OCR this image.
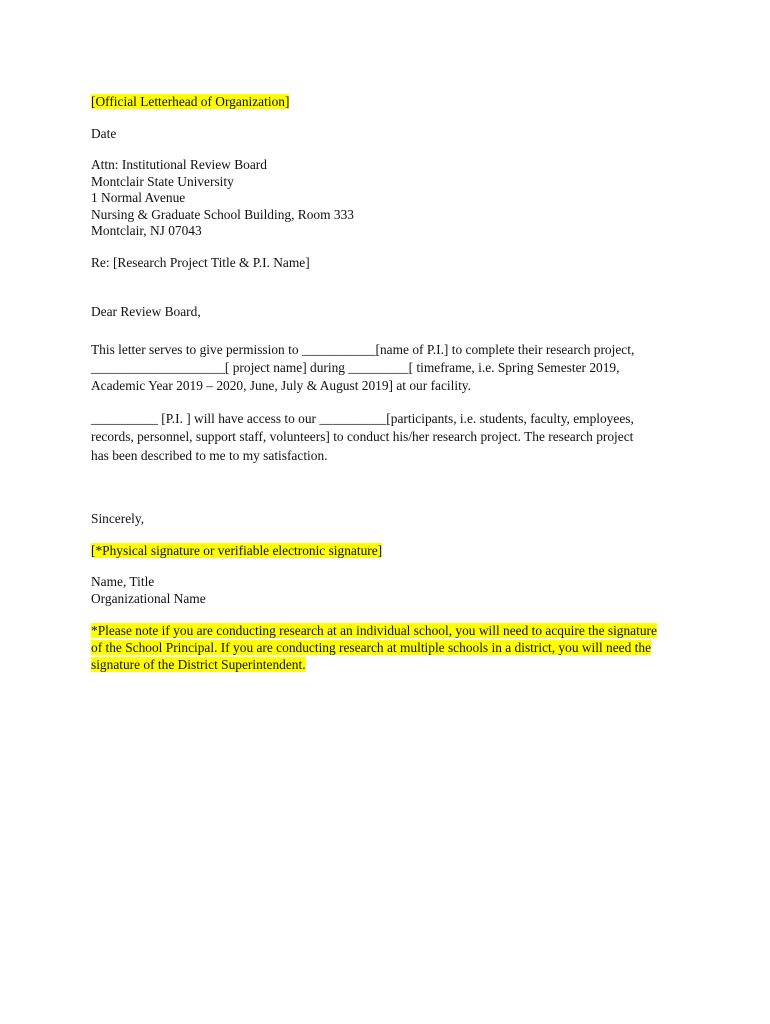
[Official Letterhead of Organization]
Date
Attn: Institutional Review Board
Montclair State University
1 Normal Avenue
Nursing & Graduate School Building, Room 333
Montclair, NJ 07043
Re: [Research Project Title & P.I. Name]
Dear Review Board,
This letter serves to give permission to ___________[name of P.I.] to complete their research project,
____________________[ project name] during _________[ timeframe, i.e. Spring Semester 2019,
Academic Year 2019 – 2020, June, July & August 2019] at our facility.
__________ [P.I. ] will have access to our __________[participants, i.e. students, faculty, employees,
records, personnel, support staff, volunteers] to conduct his/her research project. The research project
has been described to me to my satisfaction.
Sincerely,
[*Physical signature or verifiable electronic signature]
Name, Title
Organizational Name
*Please note if you are conducting research at an individual school, you will need to acquire the signature
of the School Principal. If you are conducting research at multiple schools in a district, you will need the
signature of the District Superintendent.
